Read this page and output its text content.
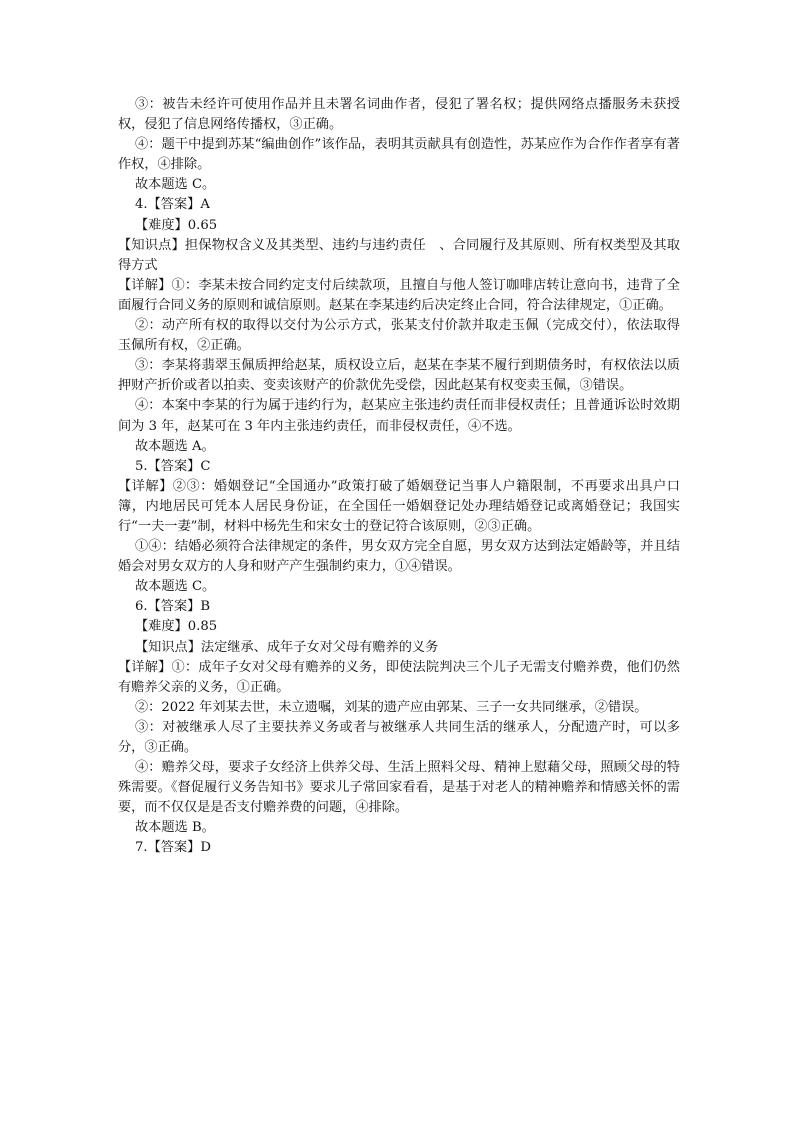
③：被告未经许可使用作品并且未署名词曲作者，侵犯了署名权；提供网络点播服务未获授权，侵犯了信息网络传播权，③正确。

④：题干中提到苏某“编曲创作”该作品，表明其贡献具有创造性，苏某应作为合作作者享有著作权，④排除。

故本题选 C。

4.【答案】A

【难度】0.65

【知识点】担保物权含义及其类型、违约与违约责任　、合同履行及其原则、所有权类型及其取得方式

【详解】①：李某未按合同约定支付后续款项，且擅自与他人签订咖啡店转让意向书，违背了全面履行合同义务的原则和诚信原则。赵某在李某违约后决定终止合同，符合法律规定，①正确。

②：动产所有权的取得以交付为公示方式，张某支付价款并取走玉佩（完成交付），依法取得玉佩所有权，②正确。

③：李某将翡翠玉佩质押给赵某，质权设立后，赵某在李某不履行到期债务时，有权依法以质押财产折价或者以拍卖、变卖该财产的价款优先受偿，因此赵某有权变卖玉佩，③错误。

④：本案中李某的行为属于违约行为，赵某应主张违约责任而非侵权责任；且普通诉讼时效期间为 3 年，赵某可在 3 年内主张违约责任，而非侵权责任，④不选。

故本题选 A。

5.【答案】C

【详解】②③：婚姻登记“全国通办”政策打破了婚姻登记当事人户籍限制，不再要求出具户口簿，内地居民可凭本人居民身份证，在全国任一婚姻登记处办理结婚登记或离婚登记；我国实行“一夫一妻”制，材料中杨先生和宋女士的登记符合该原则，②③正确。

①④：结婚必须符合法律规定的条件，男女双方完全自愿，男女双方达到法定婚龄等，并且结婚会对男女双方的人身和财产产生强制约束力，①④错误。

故本题选 C。

6.【答案】B

【难度】0.85

【知识点】法定继承、成年子女对父母有赡养的义务

【详解】①：成年子女对父母有赡养的义务，即使法院判决三个儿子无需支付赡养费，他们仍然有赡养父亲的义务，①正确。

②：2022 年刘某去世，未立遗嘱，刘某的遗产应由郭某、三子一女共同继承，②错误。

③：对被继承人尽了主要扶养义务或者与被继承人共同生活的继承人，分配遗产时，可以多分，③正确。

④：赡养父母，要求子女经济上供养父母、生活上照料父母、精神上慰藉父母，照顾父母的特殊需要。《督促履行义务告知书》要求儿子常回家看看，是基于对老人的精神赡养和情感关怀的需要，而不仅仅是是否支付赡养费的问题，④排除。

故本题选 B。

7.【答案】D
